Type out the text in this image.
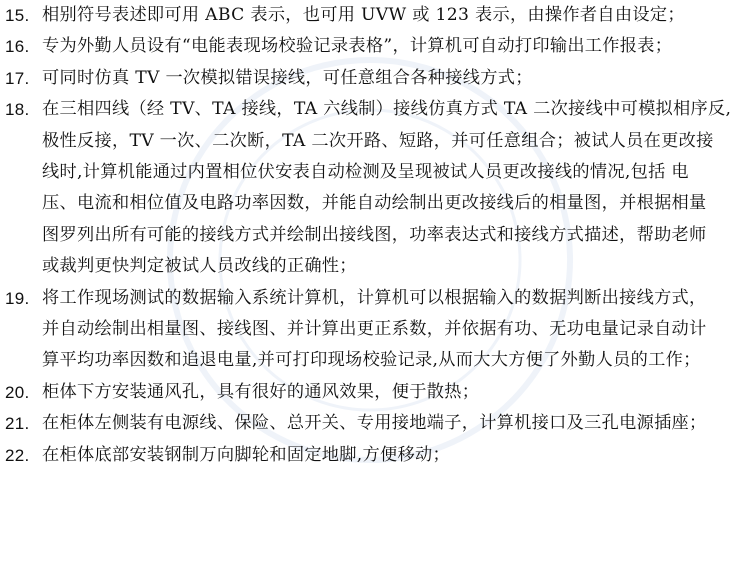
15. 相别符号表述即可用 ABC 表示，也可用 UVW 或 123 表示，由操作者自由设定；
16. 专为外勤人员设有“电能表现场校验记录表格”，计算机可自动打印输出工作报表；
17. 可同时仿真 TV 一次模拟错误接线，可任意组合各种接线方式；
18. 在三相四线（经 TV、TA 接线，TA 六线制）接线仿真方式 TA 二次接线中可模拟相序反,
极性反接，TV 一次、二次断，TA 二次开路、短路，并可任意组合；被试人员在更改接
线时,计算机能通过内置相位伏安表自动检测及呈现被试人员更改接线的情况,包括 电
压、电流和相位值及电路功率因数，并能自动绘制出更改接线后的相量图，并根据相量
图罗列出所有可能的接线方式并绘制出接线图，功率表达式和接线方式描述，帮助老师
或裁判更快判定被试人员改线的正确性；
19. 将工作现场测试的数据输入系统计算机，计算机可以根据输入的数据判断出接线方式，
并自动绘制出相量图、接线图、并计算出更正系数，并依据有功、无功电量记录自动计
算平均功率因数和追退电量,并可打印现场校验记录,从而大大方便了外勤人员的工作；
20. 柜体下方安装通风孔，具有很好的通风效果，便于散热；
21. 在柜体左侧装有电源线、保险、总开关、专用接地端子，计算机接口及三孔电源插座；
22. 在柜体底部安装钢制万向脚轮和固定地脚,方便移动；
